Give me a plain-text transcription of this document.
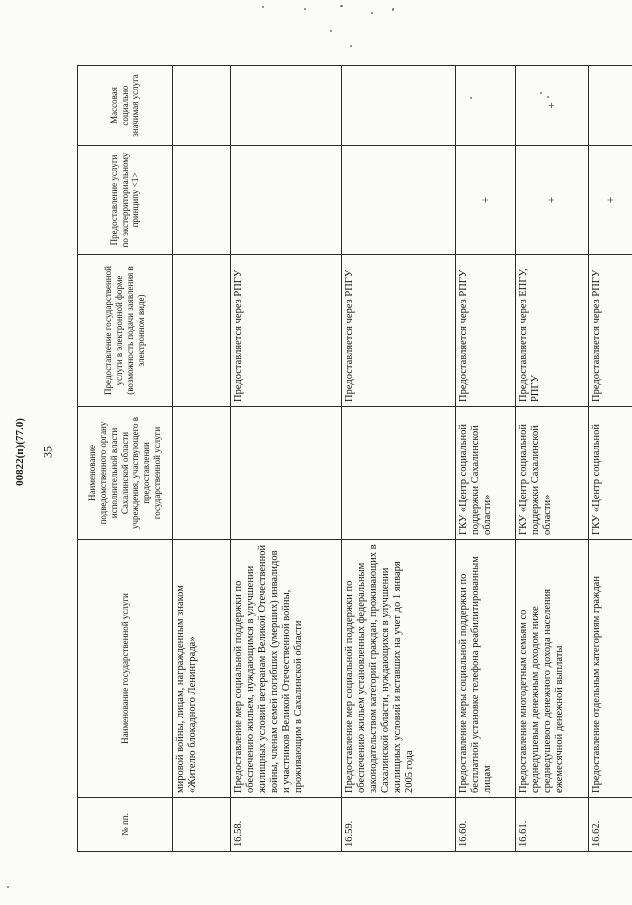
00822(п)(77.0) 35
№ пп.	Наименование государственной услуги	Наименование подведомственного органу исполнительной власти Сахалинской области учреждения, участвующего в предоставлении государственной услуги	Предоставление государственной услуги в электронной форме (возможность подачи заявления в электронном виде)	Предоставление услуги по экстерриториальному принципу <1>	Массовая социально значимая услуга
	мировой войны, лицам, награжденным знаком «Жителю блокадного Ленинграда»				
16.58.	Предоставление мер социальной поддержки по обеспечению жильем, нуждающимся в улучшении жилищных условий ветеранам Великой Отечественной войны, членам семей погибших (умерших) инвалидов и участников Великой Отечественной войны, проживающим в Сахалинской области		Предоставляется через РПГУ		
16.59.	Предоставление мер социальной поддержки по обеспечению жильем установленных федеральным законодательством категорий граждан, проживающих в Сахалинской области, нуждающихся в улучшении жилищных условий и вставших на учет до 1 января 2005 года		Предоставляется через РПГУ		
16.60.	Предоставление меры социальной поддержки по бесплатной установке телефона реабилитированным лицам	ГКУ «Центр социальной поддержки Сахалинской области»	Предоставляется через РПГУ	+	
16.61.	Предоставление многодетным семьям со среднедушевым денежным доходом ниже среднедушевого денежного дохода населения ежемесячной денежной выплаты	ГКУ «Центр социальной поддержки Сахалинской области»	Предоставляется через ЕПГУ, РПГУ	+	+
16.62.	Предоставление отдельным категориям граждан	ГКУ «Центр социальной	Предоставляется через РПГУ	+	
